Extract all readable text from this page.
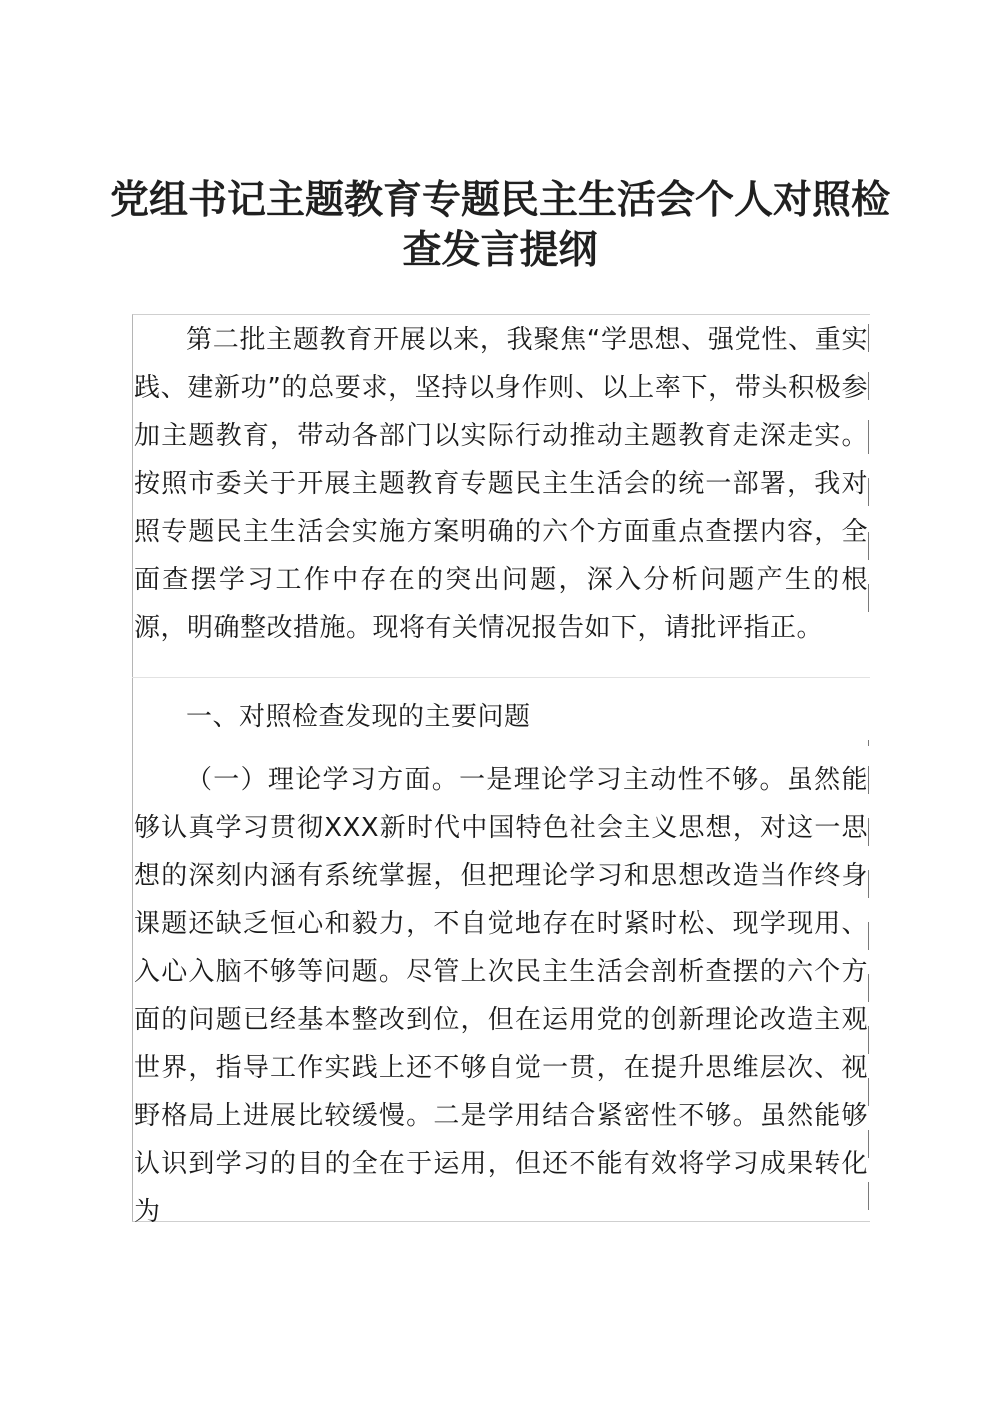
党组书记主题教育专题民主生活会个人对照检查发言提纲

第二批主题教育开展以来，我聚焦“学思想、强党性、重实践、建新功”的总要求，坚持以身作则、以上率下，带头积极参加主题教育，带动各部门以实际行动推动主题教育走深走实。按照市委关于开展主题教育专题民主生活会的统一部署，我对照专题民主生活会实施方案明确的六个方面重点查摆内容，全面查摆学习工作中存在的突出问题，深入分析问题产生的根源，明确整改措施。现将有关情况报告如下，请批评指正。

一、对照检查发现的主要问题

（一）理论学习方面。一是理论学习主动性不够。虽然能够认真学习贯彻XXX新时代中国特色社会主义思想，对这一思想的深刻内涵有系统掌握，但把理论学习和思想改造当作终身课题还缺乏恒心和毅力，不自觉地存在时紧时松、现学现用、入心入脑不够等问题。尽管上次民主生活会剖析查摆的六个方面的问题已经基本整改到位，但在运用党的创新理论改造主观世界，指导工作实践上还不够自觉一贯，在提升思维层次、视野格局上进展比较缓慢。二是学用结合紧密性不够。虽然能够认识到学习的目的全在于运用，但还不能有效将学习成果转化为
